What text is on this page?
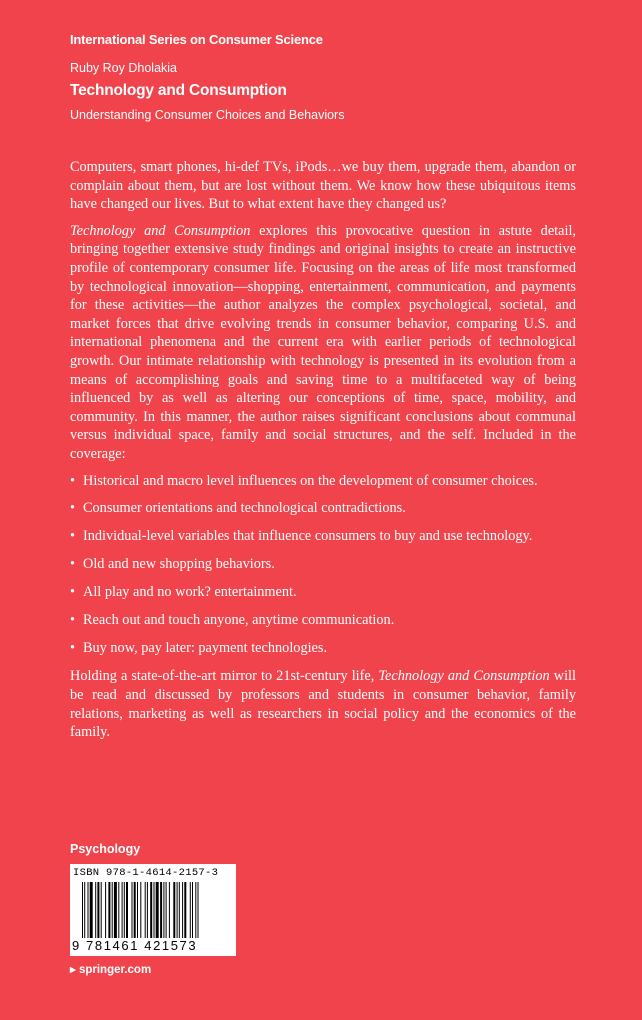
International Series on Consumer Science
Ruby Roy Dholakia
Technology and Consumption
Understanding Consumer Choices and Behaviors

Computers, smart phones, hi-def TVs, iPods…we buy them, upgrade them, abandon or complain about them, but are lost without them. We know how these ubiquitous items have changed our lives. But to what extent have they changed us?

Technology and Consumption explores this provocative question in astute detail, bringing together extensive study findings and original insights to create an instructive profile of contemporary consumer life. Focusing on the areas of life most transformed by technological innovation—shopping, entertainment, communication, and payments for these activities—the author analyzes the complex psychological, societal, and market forces that drive evolving trends in consumer behavior, comparing U.S. and international phenomena and the current era with earlier periods of technological growth. Our intimate relationship with technology is presented in its evolution from a means of accomplishing goals and saving time to a multifaceted way of being influenced by as well as altering our conceptions of time, space, mobility, and community. In this manner, the author raises significant conclusions about communal versus individual space, family and social structures, and the self. Included in the coverage:

• Historical and macro level influences on the development of consumer choices.
• Consumer orientations and technological contradictions.
• Individual-level variables that influence consumers to buy and use technology.
• Old and new shopping behaviors.
• All play and no work? entertainment.
• Reach out and touch anyone, anytime communication.
• Buy now, pay later: payment technologies.

Holding a state-of-the-art mirror to 21st-century life, Technology and Consumption will be read and discussed by professors and students in consumer behavior, family relations, marketing as well as researchers in social policy and the economics of the family.

Psychology
ISBN 978-1-4614-2157-3
9 781461 421573
▸ springer.com
